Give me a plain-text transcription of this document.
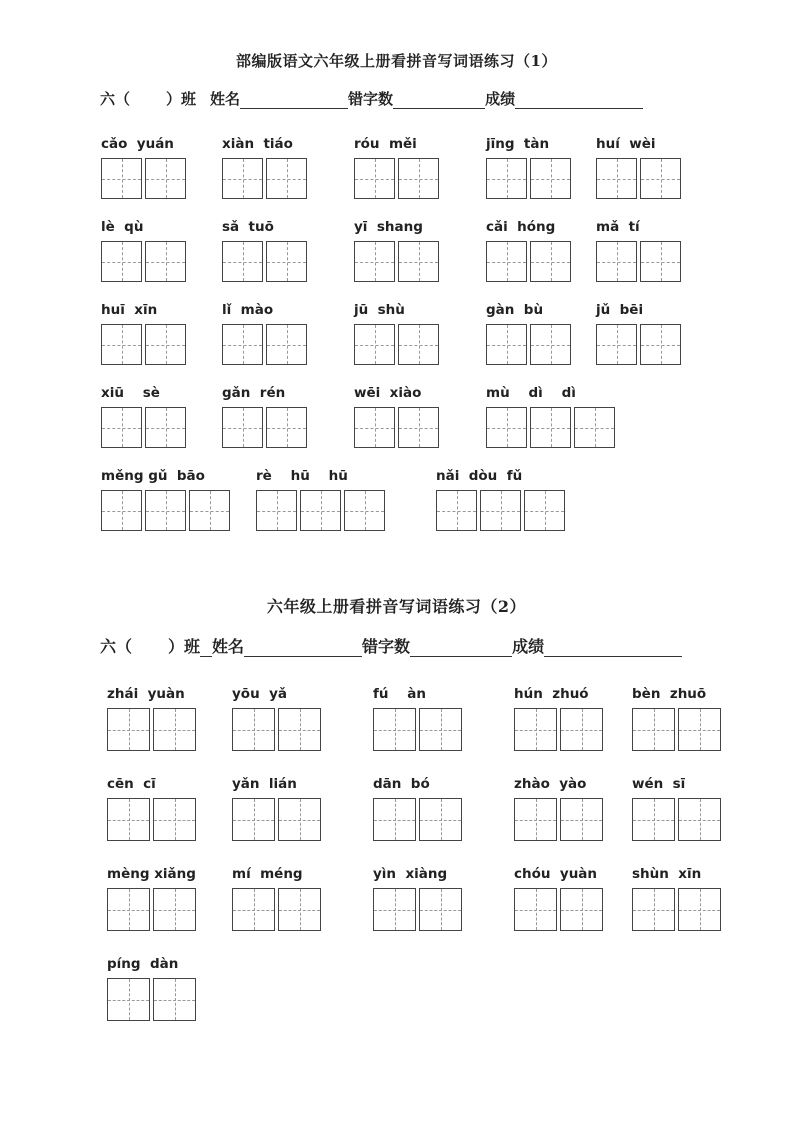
部编版语文六年级上册看拼音写词语练习（1）
六（ ）班 姓名	错字数	成绩
cǎo  yuán	xiàn  tiáo	róu  měi	jīng  tàn	huí  wèi
lè  qù	sǎ  tuō	yī  shang	cǎi  hóng	mǎ  tí
huī  xīn	lǐ  mào	jū  shù	gàn  bù	jǔ  bēi
xiū    sè	gǎn  rén	wēi  xiào	mù    dì    dì
měng gǔ  bāo	rè    hū    hū	nǎi  dòu  fǔ
六年级上册看拼音写词语练习（2）
六（ ）班 姓名	错字数	成绩
zhái  yuàn	yōu  yǎ	fú    àn	hún  zhuó	bèn  zhuō
cēn  cī	yǎn  lián	dān  bó	zhào  yào	wén  sī
mèng xiǎng	mí  méng	yìn  xiàng	chóu  yuàn	shùn  xīn
píng  dàn
